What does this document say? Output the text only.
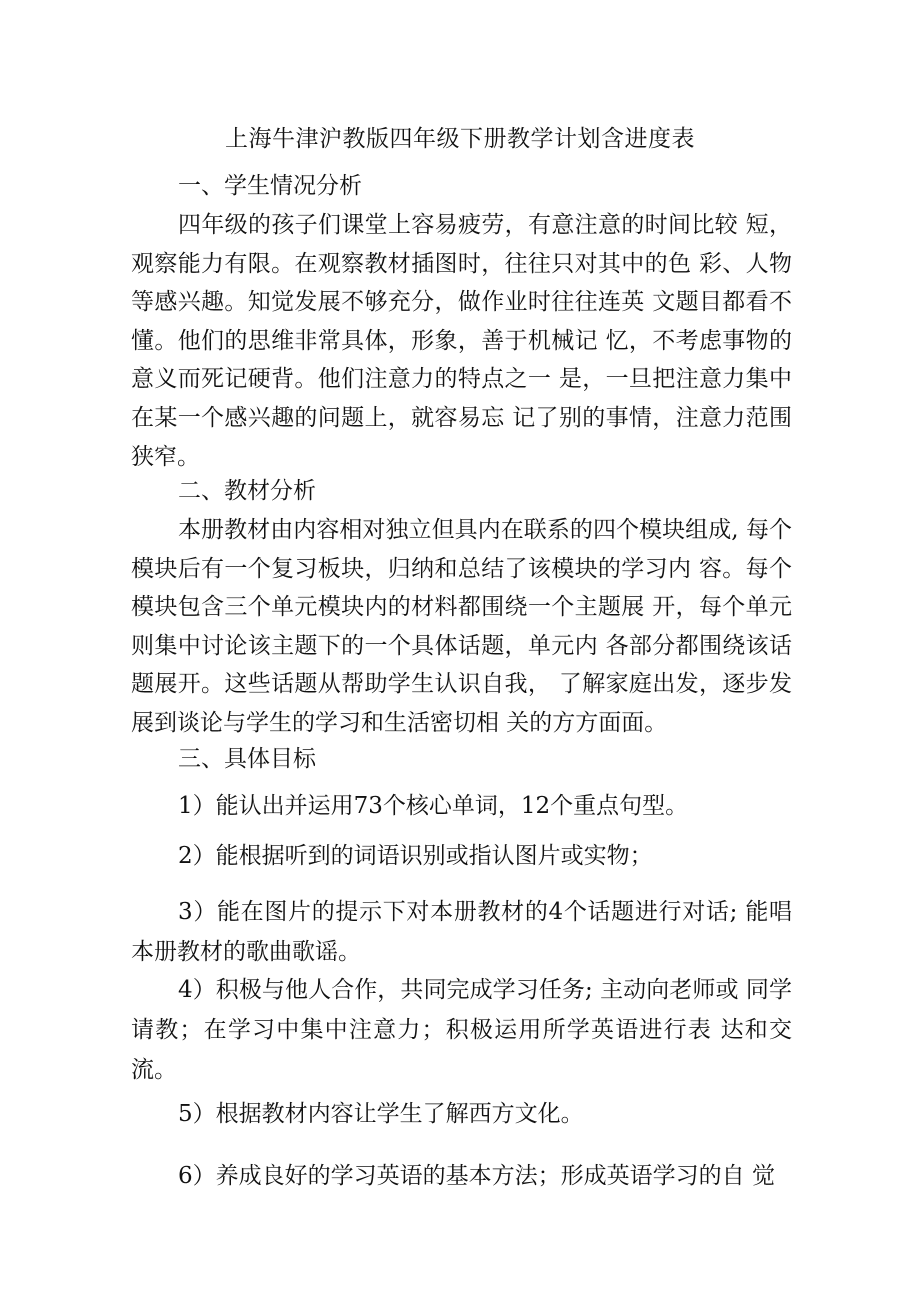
上海牛津沪教版四年级下册教学计划含进度表
一、学生情况分析

四年级的孩子们课堂上容易疲劳，有意注意的时间比较 短，观察能力有限。在观察教材插图时，往往只对其中的色 彩、人物等感兴趣。知觉发展不够充分，做作业时往往连英 文题目都看不懂。他们的思维非常具体，形象，善于机械记 忆，不考虑事物的意义而死记硬背。他们注意力的特点之一 是，一旦把注意力集中在某一个感兴趣的问题上，就容易忘 记了别的事情，注意力范围狭窄。

二、教材分析

本册教材由内容相对独立但具内在联系的四个模块组成, 每个模块后有一个复习板块，归纳和总结了该模块的学习内 容。每个模块包含三个单元模块内的材料都围绕一个主题展 开，每个单元则集中讨论该主题下的一个具体话题，单元内 各部分都围绕该话题展开。这些话题从帮助学生认识自我， 了解家庭出发，逐步发展到谈论与学生的学习和生活密切相 关的方方面面。

三、具体目标

1）能认出并运用73个核心单词，12个重点句型。

2）能根据听到的词语识别或指认图片或实物；

3）能在图片的提示下对本册教材的4个话题进行对话; 能唱本册教材的歌曲歌谣。

4）积极与他人合作，共同完成学习任务; 主动向老师或 同学请教；在学习中集中注意力；积极运用所学英语进行表 达和交流。

5）根据教材内容让学生了解西方文化。

6）养成良好的学习英语的基本方法；形成英语学习的自 觉
